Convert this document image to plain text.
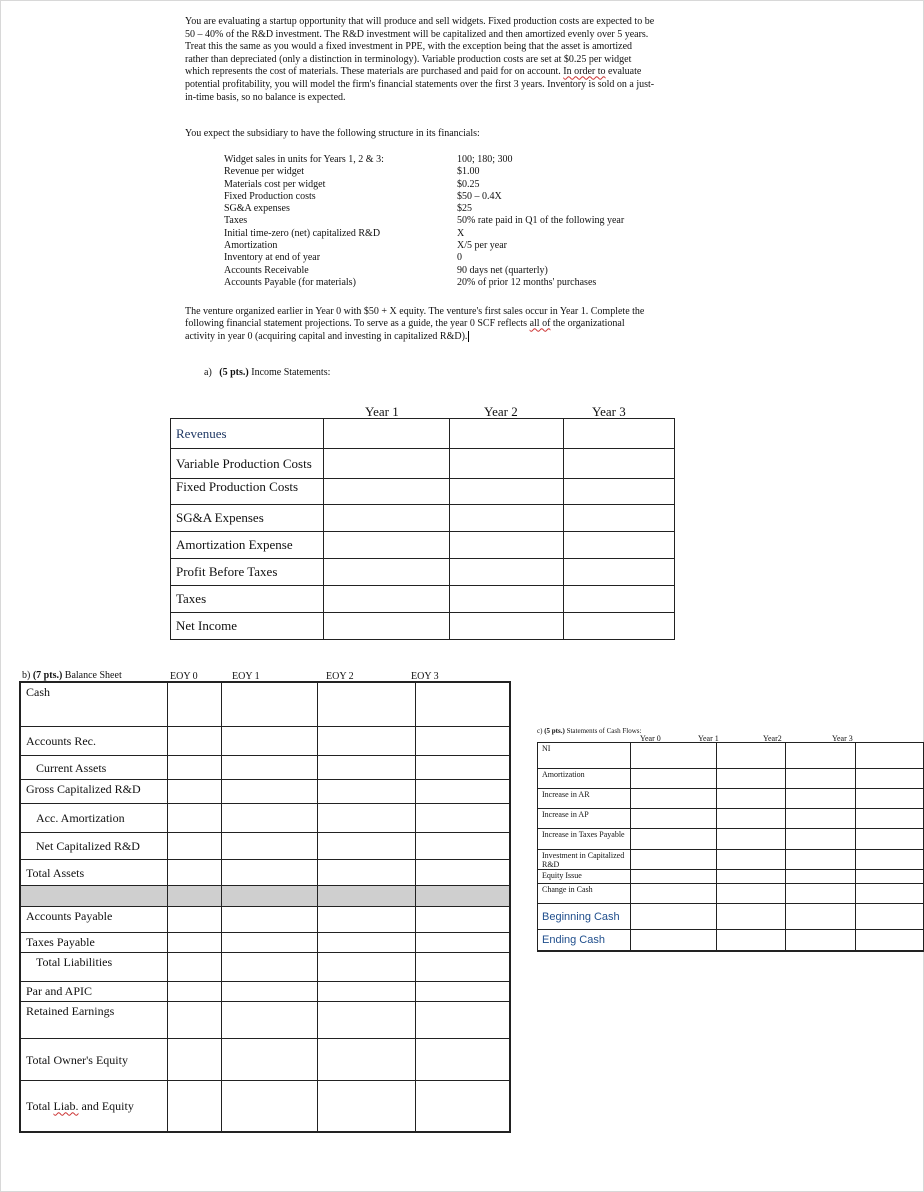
You are evaluating a startup opportunity that will produce and sell widgets. Fixed production costs are expected to be 50 – 40% of the R&D investment. The R&D investment will be capitalized and then amortized evenly over 5 years. Treat this the same as you would a fixed investment in PPE, with the exception being that the asset is amortized rather than depreciated (only a distinction in terminology). Variable production costs are set at $0.25 per widget which represents the cost of materials. These materials are purchased and paid for on account. In order to evaluate potential profitability, you will model the firm's financial statements over the first 3 years. Inventory is sold on a just-in-time basis, so no balance is expected.

You expect the subsidiary to have the following structure in its financials:

Widget sales in units for Years 1, 2 & 3:	100; 180; 300
Revenue per widget	$1.00
Materials cost per widget	$0.25
Fixed Production costs	$50 – 0.4X
SG&A expenses	$25
Taxes	50% rate paid in Q1 of the following year
Initial time-zero (net) capitalized R&D	X
Amortization	X/5 per year
Inventory at end of year	0
Accounts Receivable	90 days net (quarterly)
Accounts Payable (for materials)	20% of prior 12 months' purchases

The venture organized earlier in Year 0 with $50 + X equity. The venture's first sales occur in Year 1. Complete the following financial statement projections. To serve as a guide, the year 0 SCF reflects all of the organizational activity in year 0 (acquiring capital and investing in capitalized R&D).

a) (5 pts.) Income Statements:
Year 1	Year 2	Year 3
Revenues			
Variable Production Costs			
Fixed Production Costs			
SG&A Expenses			
Amortization Expense			
Profit Before Taxes			
Taxes			
Net Income			
b) (7 pts.) Balance Sheet	EOY 0	EOY 1	EOY 2	EOY 3
Cash				
Accounts Rec.				
Current Assets				
Gross Capitalized R&D				
Acc. Amortization				
Net Capitalized R&D				
Total Assets				

Accounts Payable				
Taxes Payable				
Total Liabilities				
Par and APIC				
Retained Earnings				
Total Owner's Equity				
Total Liab. and Equity				
c) (5 pts.) Statements of Cash Flows:
Year 0	Year 1	Year2	Year 3
NI				
Amortization				
Increase in AR				
Increase in AP				
Increase in Taxes Payable				
Investment in Capitalized R&D				
Equity Issue				
Change in Cash				
Beginning Cash				
Ending Cash				
